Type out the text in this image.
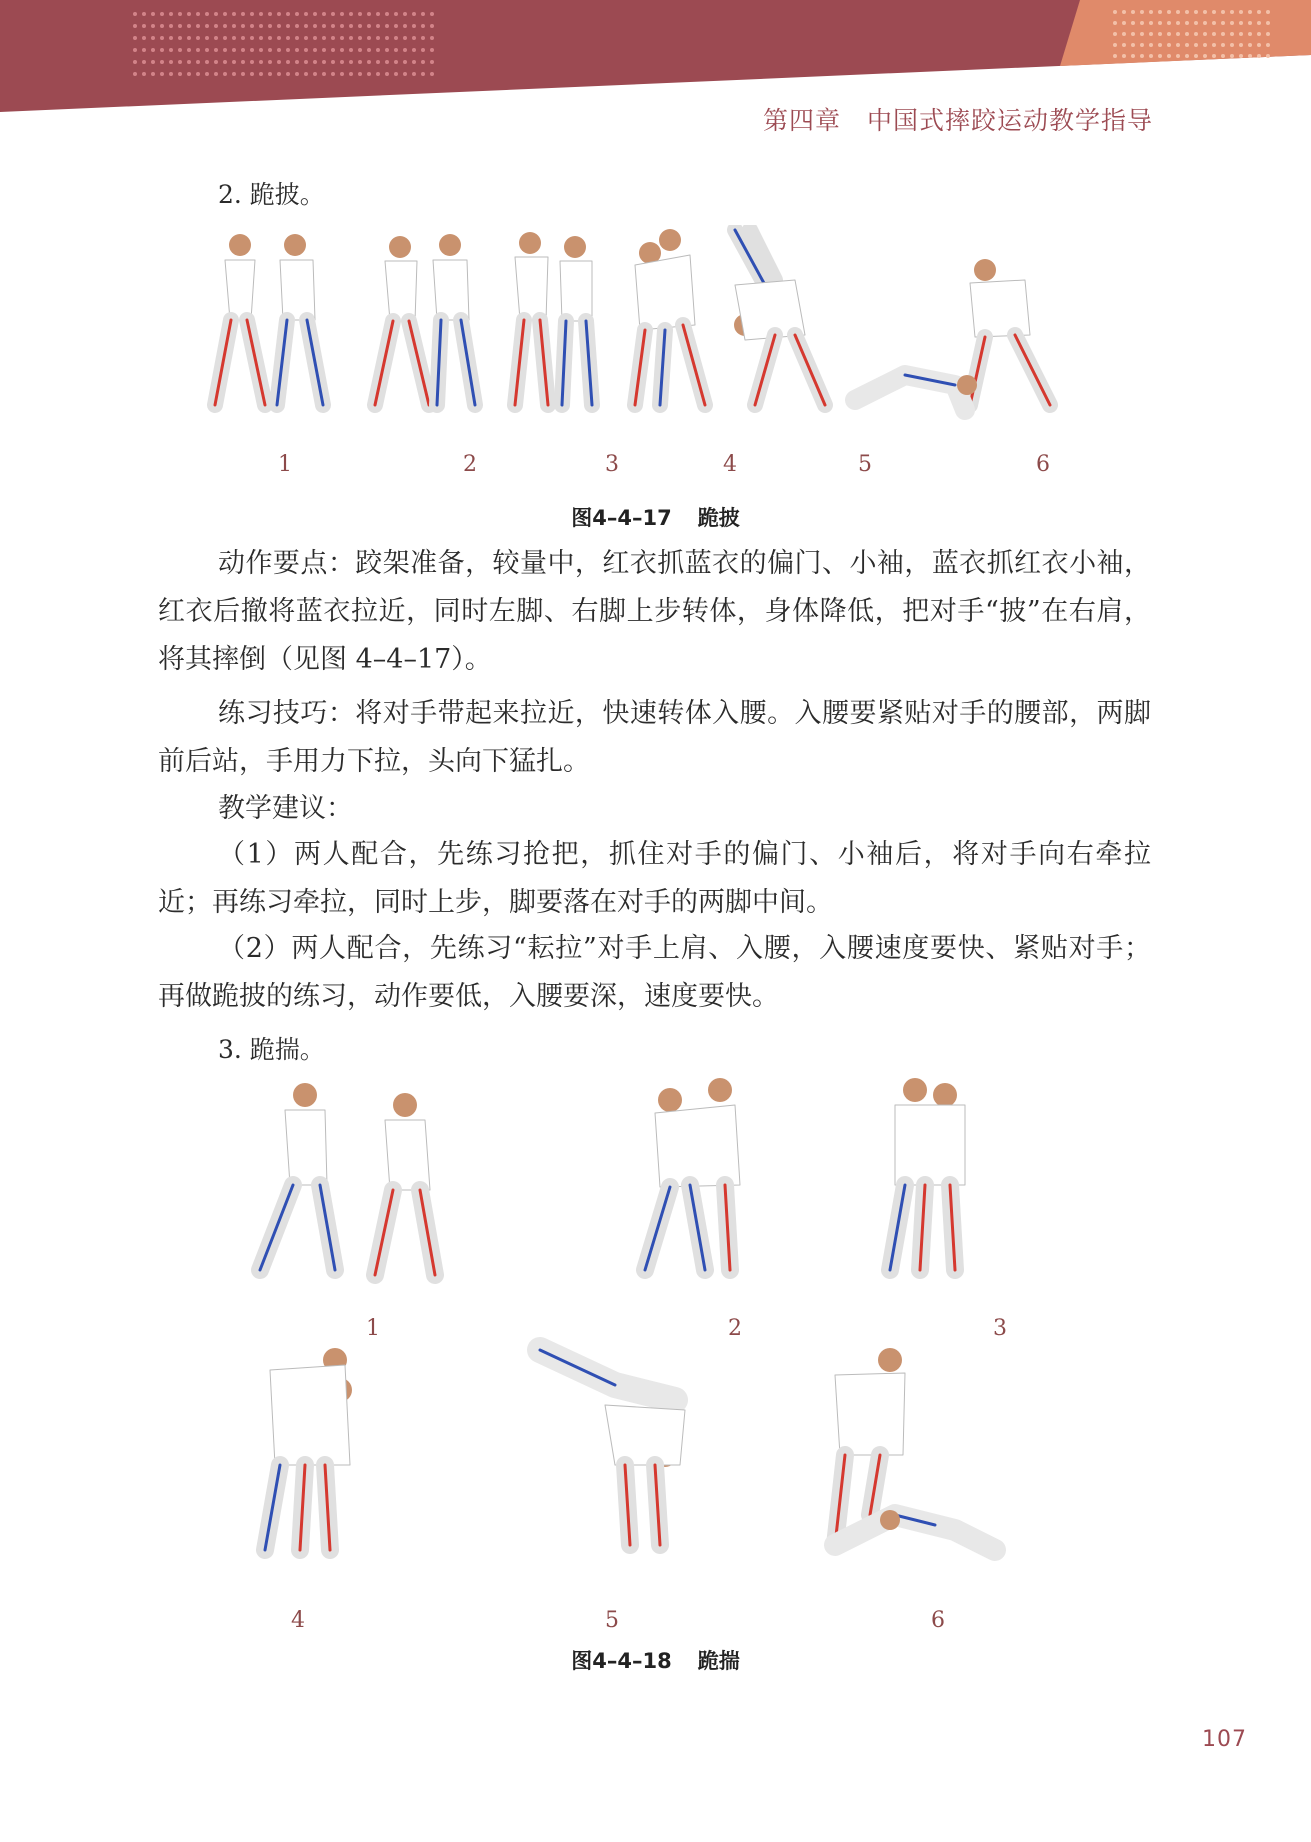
第四章 中国式摔跤运动教学指导
2. 跪披。
1	2	3	4	5	6
图4–4–17 跪披

动作要点：跤架准备，较量中，红衣抓蓝衣的偏门、小袖，蓝衣抓红衣小袖，红衣后撤将蓝衣拉近，同时左脚、右脚上步转体，身体降低，把对手“披”在右肩，将其摔倒（见图 4–4–17）。

练习技巧：将对手带起来拉近，快速转体入腰。入腰要紧贴对手的腰部，两脚前后站，手用力下拉，头向下猛扎。

教学建议：

（1）两人配合，先练习抢把，抓住对手的偏门、小袖后，将对手向右牵拉近；再练习牵拉，同时上步，脚要落在对手的两脚中间。

（2）两人配合，先练习“耘拉”对手上肩、入腰，入腰速度要快、紧贴对手；再做跪披的练习，动作要低，入腰要深，速度要快。

3. 跪揣。
1	2	3
4	5	6
图4–4–18 跪揣
107
